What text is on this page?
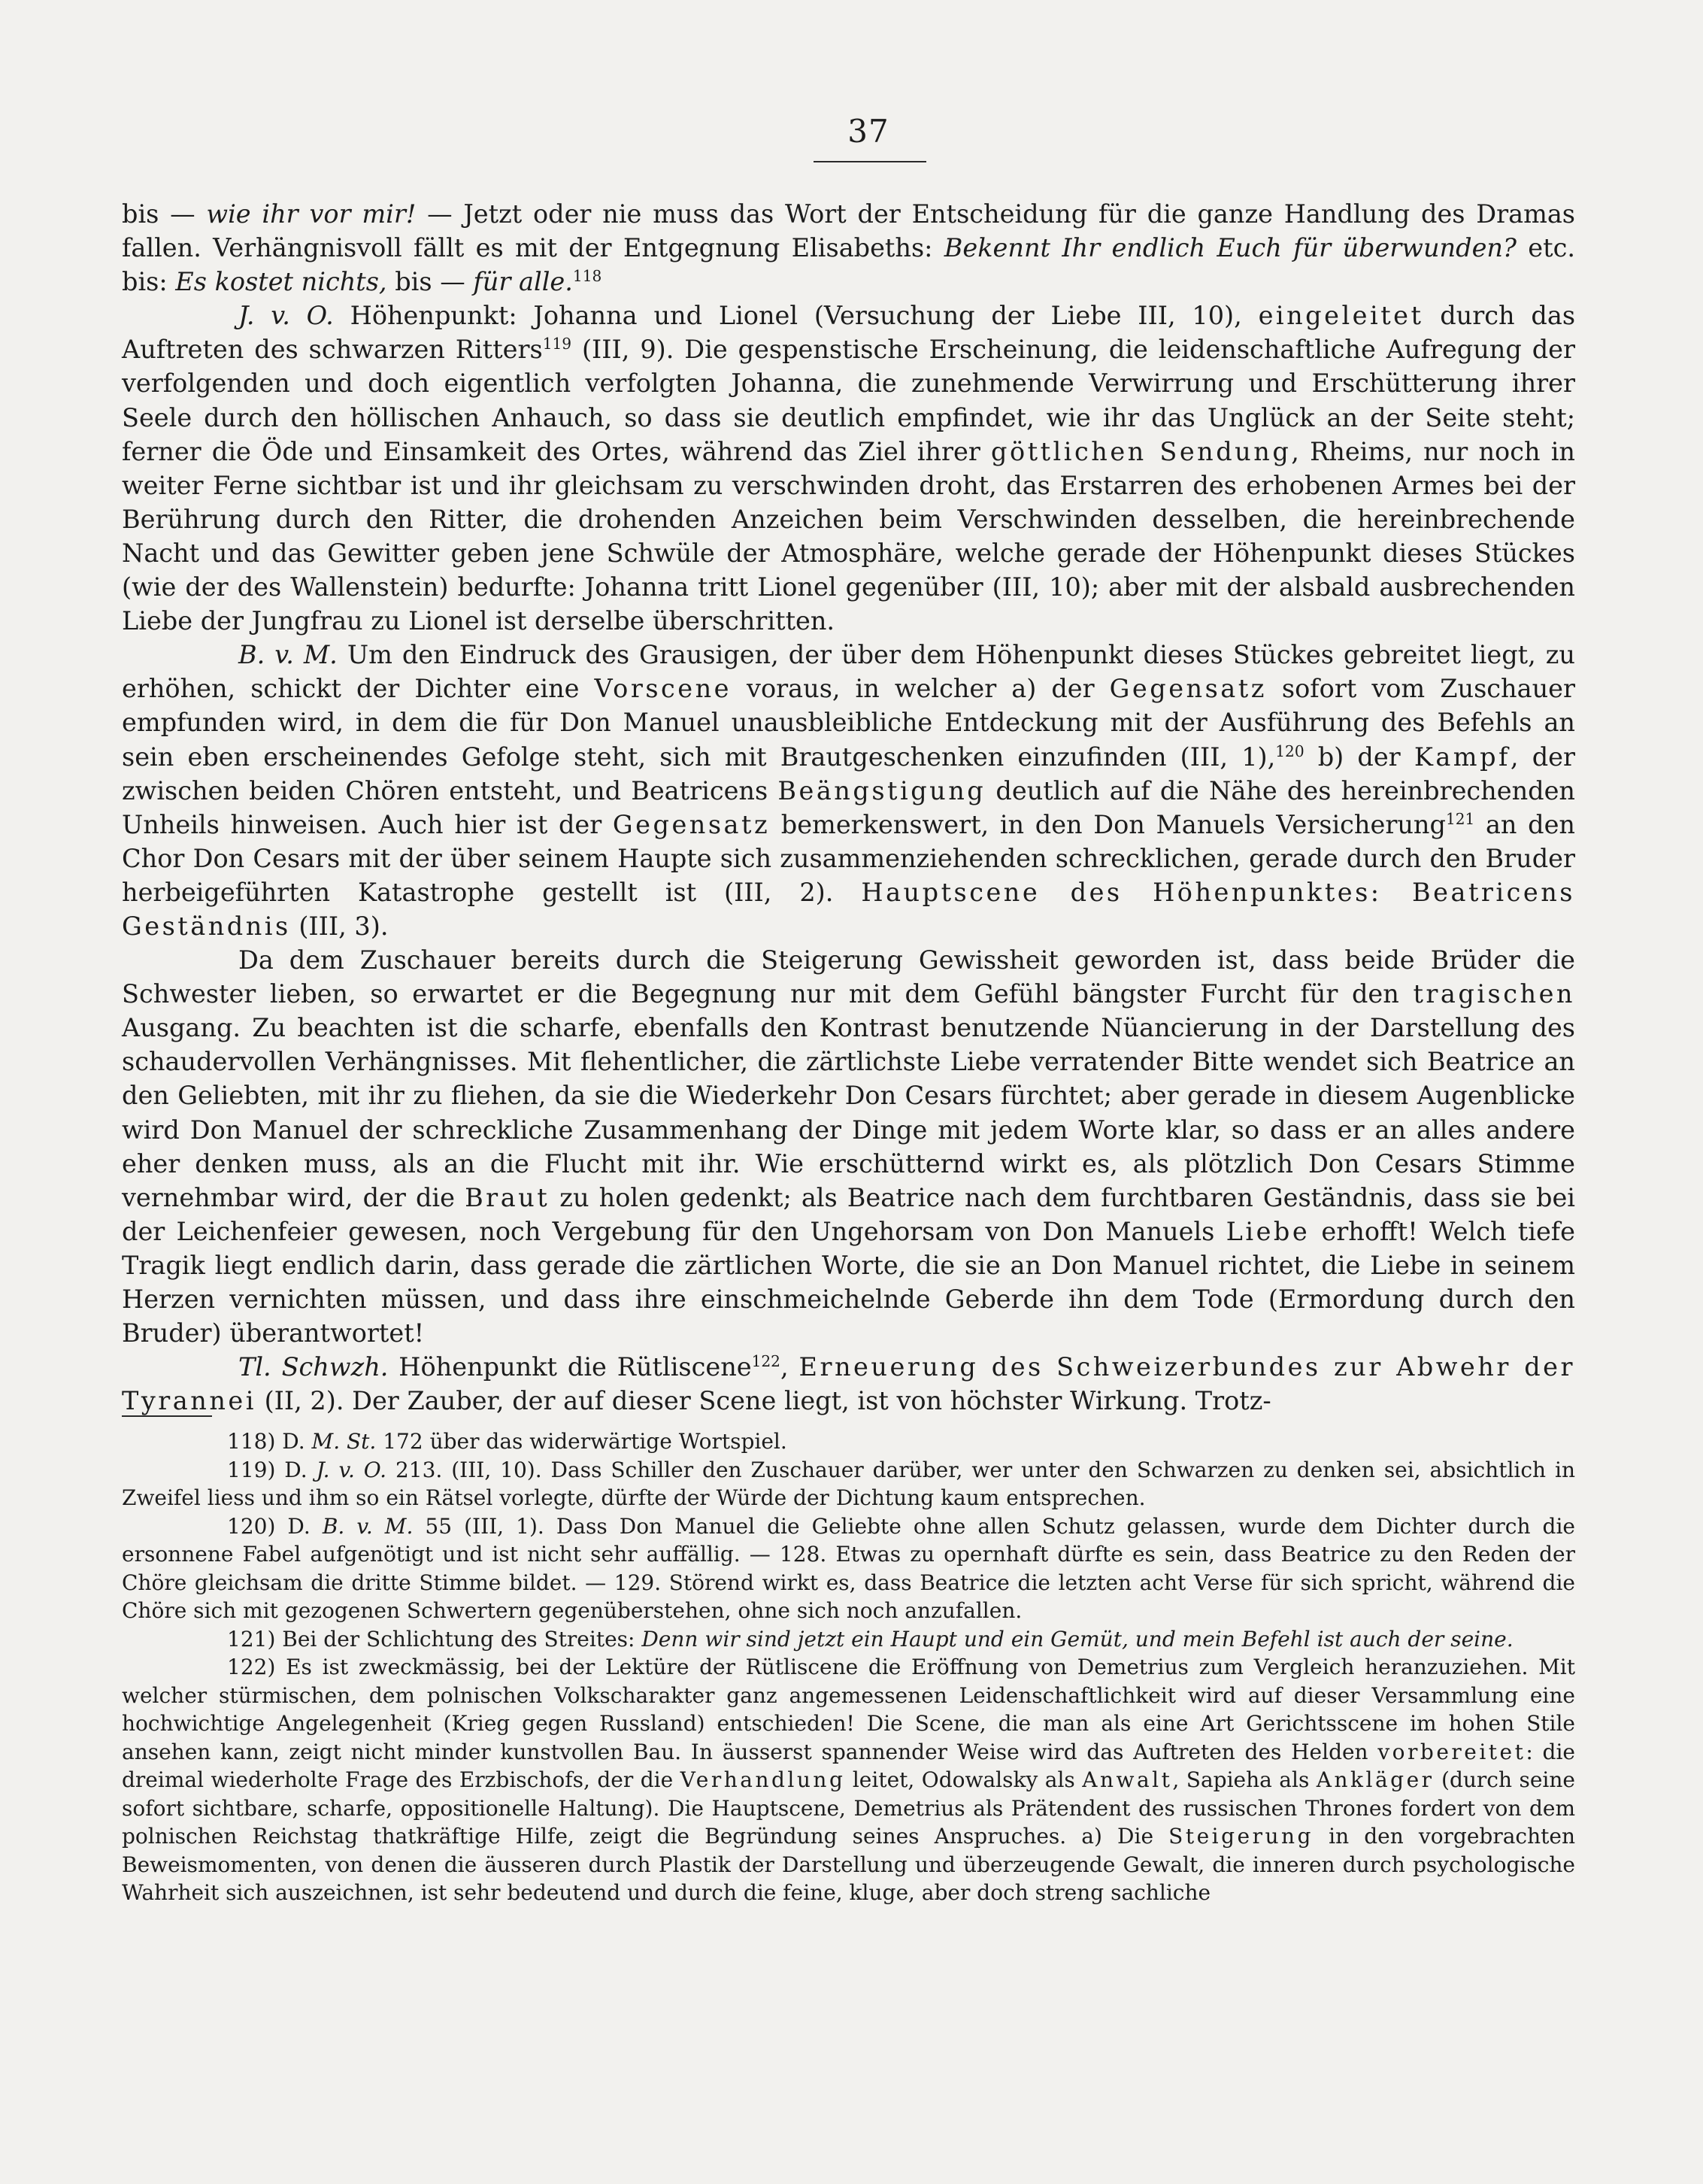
37

bis — wie ihr vor mir! — Jetzt oder nie muss das Wort der Entscheidung für die ganze Handlung des Dramas fallen. Verhängnisvoll fällt es mit der Entgegnung Elisabeths: Bekennt Ihr endlich Euch für überwunden? etc. bis: Es kostet nichts, bis — für alle.$^{118}$

J. v. O. Höhenpunkt: Johanna und Lionel (Versuchung der Liebe III, 10), eingeleitet durch das Auftreten des schwarzen Ritters$^{119}$ (III, 9). Die gespenstische Erscheinung, die leidenschaftliche Aufregung der verfolgenden und doch eigentlich verfolgten Johanna, die zunehmende Verwirrung und Erschütterung ihrer Seele durch den höllischen Anhauch, so dass sie deutlich empfindet, wie ihr das Unglück an der Seite steht; ferner die Öde und Einsamkeit des Ortes, während das Ziel ihrer göttlichen Sendung, Rheims, nur noch in weiter Ferne sichtbar ist und ihr gleichsam zu verschwinden droht, das Erstarren des erhobenen Armes bei der Berührung durch den Ritter, die drohenden Anzeichen beim Verschwinden desselben, die hereinbrechende Nacht und das Gewitter geben jene Schwüle der Atmosphäre, welche gerade der Höhenpunkt dieses Stückes (wie der des Wallenstein) bedurfte: Johanna tritt Lionel gegenüber (III, 10); aber mit der alsbald ausbrechenden Liebe der Jungfrau zu Lionel ist derselbe überschritten.

B. v. M. Um den Eindruck des Grausigen, der über dem Höhenpunkt dieses Stückes gebreitet liegt, zu erhöhen, schickt der Dichter eine Vorscene voraus, in welcher a) der Gegensatz sofort vom Zuschauer empfunden wird, in dem die für Don Manuel unausbleibliche Entdeckung mit der Ausführung des Befehls an sein eben erscheinendes Gefolge steht, sich mit Brautgeschenken einzufinden (III, 1),$^{120}$ b) der Kampf, der zwischen beiden Chören entsteht, und Beatricens Beängstigung deutlich auf die Nähe des hereinbrechenden Unheils hinweisen. Auch hier ist der Gegensatz bemerkenswert, in den Don Manuels Versicherung$^{121}$ an den Chor Don Cesars mit der über seinem Haupte sich zusammenziehenden schrecklichen, gerade durch den Bruder herbeigeführten Katastrophe gestellt ist (III, 2). Hauptscene des Höhenpunktes: Beatricens Geständnis (III, 3).

Da dem Zuschauer bereits durch die Steigerung Gewissheit geworden ist, dass beide Brüder die Schwester lieben, so erwartet er die Begegnung nur mit dem Gefühl bängster Furcht für den tragischen Ausgang. Zu beachten ist die scharfe, ebenfalls den Kontrast benutzende Nüancierung in der Darstellung des schaudervollen Verhängnisses. Mit flehentlicher, die zärtlichste Liebe verratender Bitte wendet sich Beatrice an den Geliebten, mit ihr zu fliehen, da sie die Wiederkehr Don Cesars fürchtet; aber gerade in diesem Augenblicke wird Don Manuel der schreckliche Zusammenhang der Dinge mit jedem Worte klar, so dass er an alles andere eher denken muss, als an die Flucht mit ihr. Wie erschütternd wirkt es, als plötzlich Don Cesars Stimme vernehmbar wird, der die Braut zu holen gedenkt; als Beatrice nach dem furchtbaren Geständnis, dass sie bei der Leichenfeier gewesen, noch Vergebung für den Ungehorsam von Don Manuels Liebe erhofft! Welch tiefe Tragik liegt endlich darin, dass gerade die zärtlichen Worte, die sie an Don Manuel richtet, die Liebe in seinem Herzen vernichten müssen, und dass ihre einschmeichelnde Geberde ihn dem Tode (Ermordung durch den Bruder) überantwortet!

Tl. Schwzh. Höhenpunkt die Rütliscene$^{122}$, Erneuerung des Schweizerbundes zur Abwehr der Tyrannei (II, 2). Der Zauber, der auf dieser Scene liegt, ist von höchster Wirkung. Trotz-

118) D. M. St. 172 über das widerwärtige Wortspiel.

119) D. J. v. O. 213. (III, 10). Dass Schiller den Zuschauer darüber, wer unter den Schwarzen zu denken sei, absichtlich in Zweifel liess und ihm so ein Rätsel vorlegte, dürfte der Würde der Dichtung kaum entsprechen.

120) D. B. v. M. 55 (III, 1). Dass Don Manuel die Geliebte ohne allen Schutz gelassen, wurde dem Dichter durch die ersonnene Fabel aufgenötigt und ist nicht sehr auffällig. — 128. Etwas zu opernhaft dürfte es sein, dass Beatrice zu den Reden der Chöre gleichsam die dritte Stimme bildet. — 129. Störend wirkt es, dass Beatrice die letzten acht Verse für sich spricht, während die Chöre sich mit gezogenen Schwertern gegenüberstehen, ohne sich noch anzufallen.

121) Bei der Schlichtung des Streites: Denn wir sind jetzt ein Haupt und ein Gemüt, und mein Befehl ist auch der seine.

122) Es ist zweckmässig, bei der Lektüre der Rütliscene die Eröffnung von Demetrius zum Vergleich heranzuziehen. Mit welcher stürmischen, dem polnischen Volkscharakter ganz angemessenen Leidenschaftlichkeit wird auf dieser Versammlung eine hochwichtige Angelegenheit (Krieg gegen Russland) entschieden! Die Scene, die man als eine Art Gerichtsscene im hohen Stile ansehen kann, zeigt nicht minder kunstvollen Bau. In äusserst spannender Weise wird das Auftreten des Helden vorbereitet: die dreimal wiederholte Frage des Erzbischofs, der die Verhandlung leitet, Odowalsky als Anwalt, Sapieha als Ankläger (durch seine sofort sichtbare, scharfe, oppositionelle Haltung). Die Hauptscene, Demetrius als Prätendent des russischen Thrones fordert von dem polnischen Reichstag thatkräftige Hilfe, zeigt die Begründung seines Anspruches. a) Die Steigerung in den vorgebrachten Beweismomenten, von denen die äusseren durch Plastik der Darstellung und überzeugende Gewalt, die inneren durch psychologische Wahrheit sich auszeichnen, ist sehr bedeutend und durch die feine, kluge, aber doch streng sachliche
